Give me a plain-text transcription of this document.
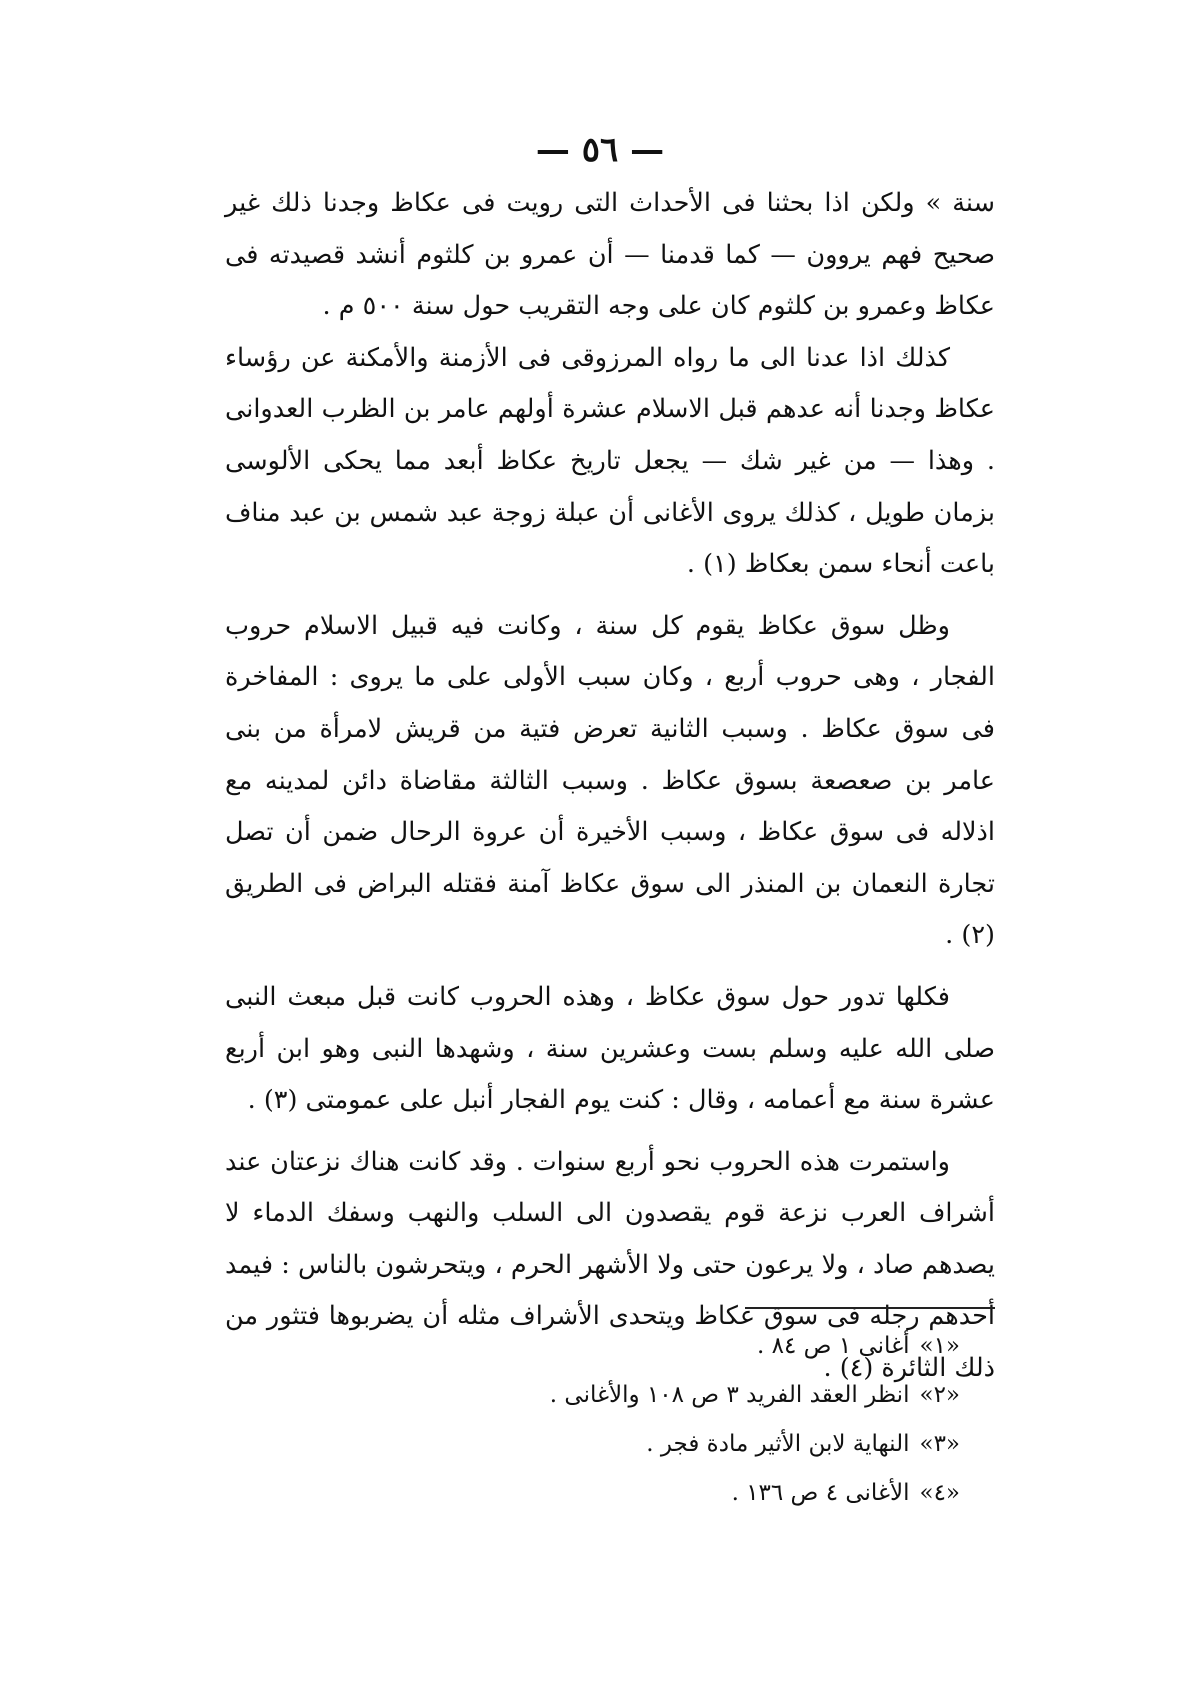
— ٥٦ —

سنة » ولكن اذا بحثنا فى الأحداث التى رويت فى عكاظ وجدنا ذلك غير صحيح فهم يروون — كما قدمنا — أن عمرو بن كلثوم أنشد قصيدته فى عكاظ وعمرو بن كلثوم كان على وجه التقريب حول سنة ٥٠٠ م .

كذلك اذا عدنا الى ما رواه المرزوقى فى الأزمنة والأمكنة عن رؤساء عكاظ وجدنا أنه عدهم قبل الاسلام عشرة أولهم عامر بن الظرب العدوانى . وهذا — من غير شك — يجعل تاريخ عكاظ أبعد مما يحكى الألوسى بزمان طويل ، كذلك يروى الأغانى أن عبلة زوجة عبد شمس بن عبد مناف باعت أنحاء سمن بعكاظ (١) .

وظل سوق عكاظ يقوم كل سنة ، وكانت فيه قبيل الاسلام حروب الفجار ، وهى حروب أربع ، وكان سبب الأولى على ما يروى : المفاخرة فى سوق عكاظ . وسبب الثانية تعرض فتية من قريش لامرأة من بنى عامر بن صعصعة بسوق عكاظ . وسبب الثالثة مقاضاة دائن لمدينه مع اذلاله فى سوق عكاظ ، وسبب الأخيرة أن عروة الرحال ضمن أن تصل تجارة النعمان بن المنذر الى سوق عكاظ آمنة فقتله البراض فى الطريق (٢) .

فكلها تدور حول سوق عكاظ ، وهذه الحروب كانت قبل مبعث النبى صلى الله عليه وسلم بست وعشرين سنة ، وشهدها النبى وهو ابن أربع عشرة سنة مع أعمامه ، وقال : كنت يوم الفجار أنبل على عمومتى (٣) .

واستمرت هذه الحروب نحو أربع سنوات . وقد كانت هناك نزعتان عند أشراف العرب نزعة قوم يقصدون الى السلب والنهب وسفك الدماء لا يصدهم صاد ، ولا يرعون حتى ولا الأشهر الحرم ، ويتحرشون بالناس : فيمد أحدهم رجله فى سوق عكاظ ويتحدى الأشراف مثله أن يضربوها فتثور من ذلك الثائرة (٤) .

«١»أغانى ١ ص ٨٤ .

«٢»انظر العقد الفريد ٣ ص ١٠٨ والأغانى .

«٣»النهاية لابن الأثير مادة فجر .

«٤»الأغانى ٤ ص ١٣٦ .
